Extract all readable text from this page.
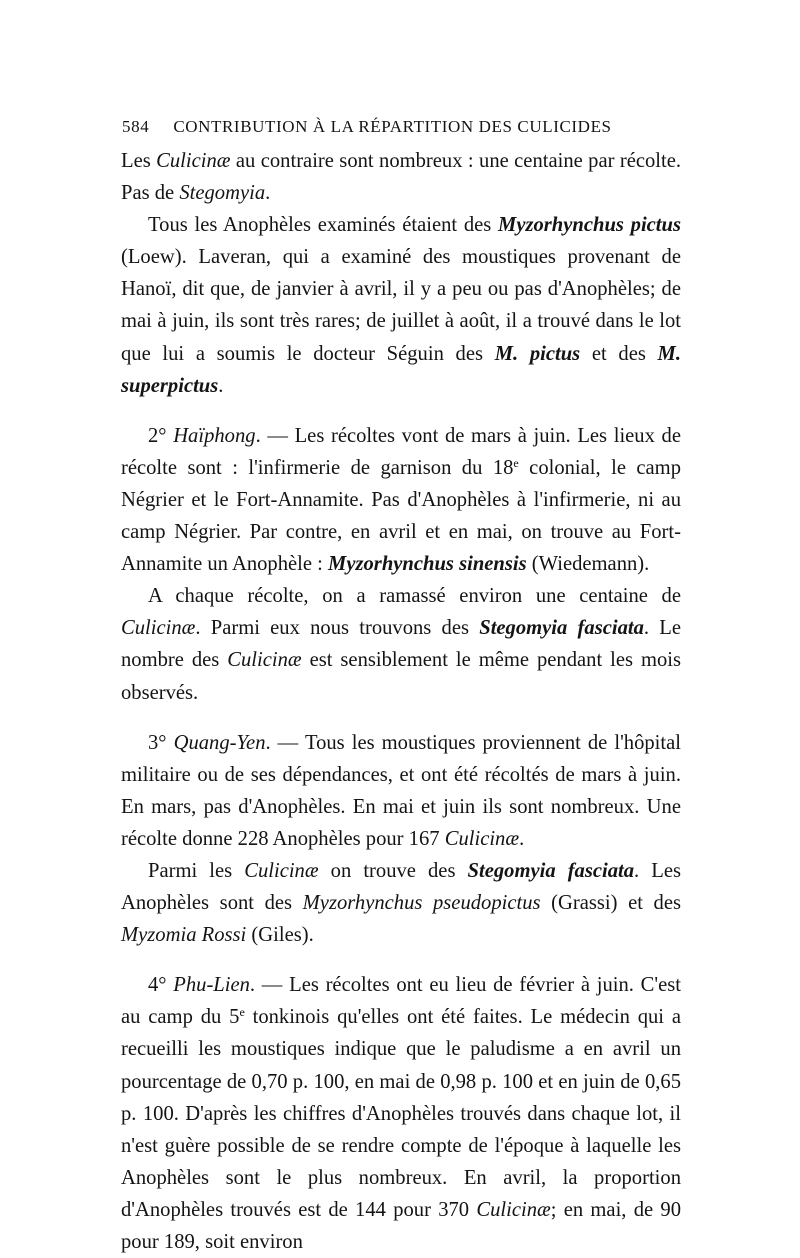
584 CONTRIBUTION À LA RÉPARTITION DES CULICIDES

Les Culicinæ au contraire sont nombreux : une centaine par récolte. Pas de Stegomyia.

Tous les Anophèles examinés étaient des Myzorhynchus pictus (Loew). Laveran, qui a examiné des moustiques provenant de Hanoï, dit que, de janvier à avril, il y a peu ou pas d'Anophèles; de mai à juin, ils sont très rares; de juillet à août, il a trouvé dans le lot que lui a soumis le docteur Séguin des M. pictus et des M. superpictus.

2° Haïphong. — Les récoltes vont de mars à juin. Les lieux de récolte sont : l'infirmerie de garnison du 18e colonial, le camp Négrier et le Fort-Annamite. Pas d'Anophèles à l'infirmerie, ni au camp Négrier. Par contre, en avril et en mai, on trouve au Fort-Annamite un Anophèle : Myzorhynchus sinensis (Wiedemann).

A chaque récolte, on a ramassé environ une centaine de Culicinæ. Parmi eux nous trouvons des Stegomyia fasciata. Le nombre des Culicinæ est sensiblement le même pendant les mois observés.

3° Quang-Yen. — Tous les moustiques proviennent de l'hôpital militaire ou de ses dépendances, et ont été récoltés de mars à juin. En mars, pas d'Anophèles. En mai et juin ils sont nombreux. Une récolte donne 228 Anophèles pour 167 Culicinæ.

Parmi les Culicinæ on trouve des Stegomyia fasciata. Les Anophèles sont des Myzorhynchus pseudopictus (Grassi) et des Myzomia Rossi (Giles).

4° Phu-Lien. — Les récoltes ont eu lieu de février à juin. C'est au camp du 5e tonkinois qu'elles ont été faites. Le médecin qui a recueilli les moustiques indique que le paludisme a en avril un pourcentage de 0,70 p. 100, en mai de 0,98 p. 100 et en juin de 0,65 p. 100. D'après les chiffres d'Anophèles trouvés dans chaque lot, il n'est guère possible de se rendre compte de l'époque à laquelle les Anophèles sont le plus nombreux. En avril, la proportion d'Anophèles trouvés est de 144 pour 370 Culicinæ; en mai, de 90 pour 189, soit environ
